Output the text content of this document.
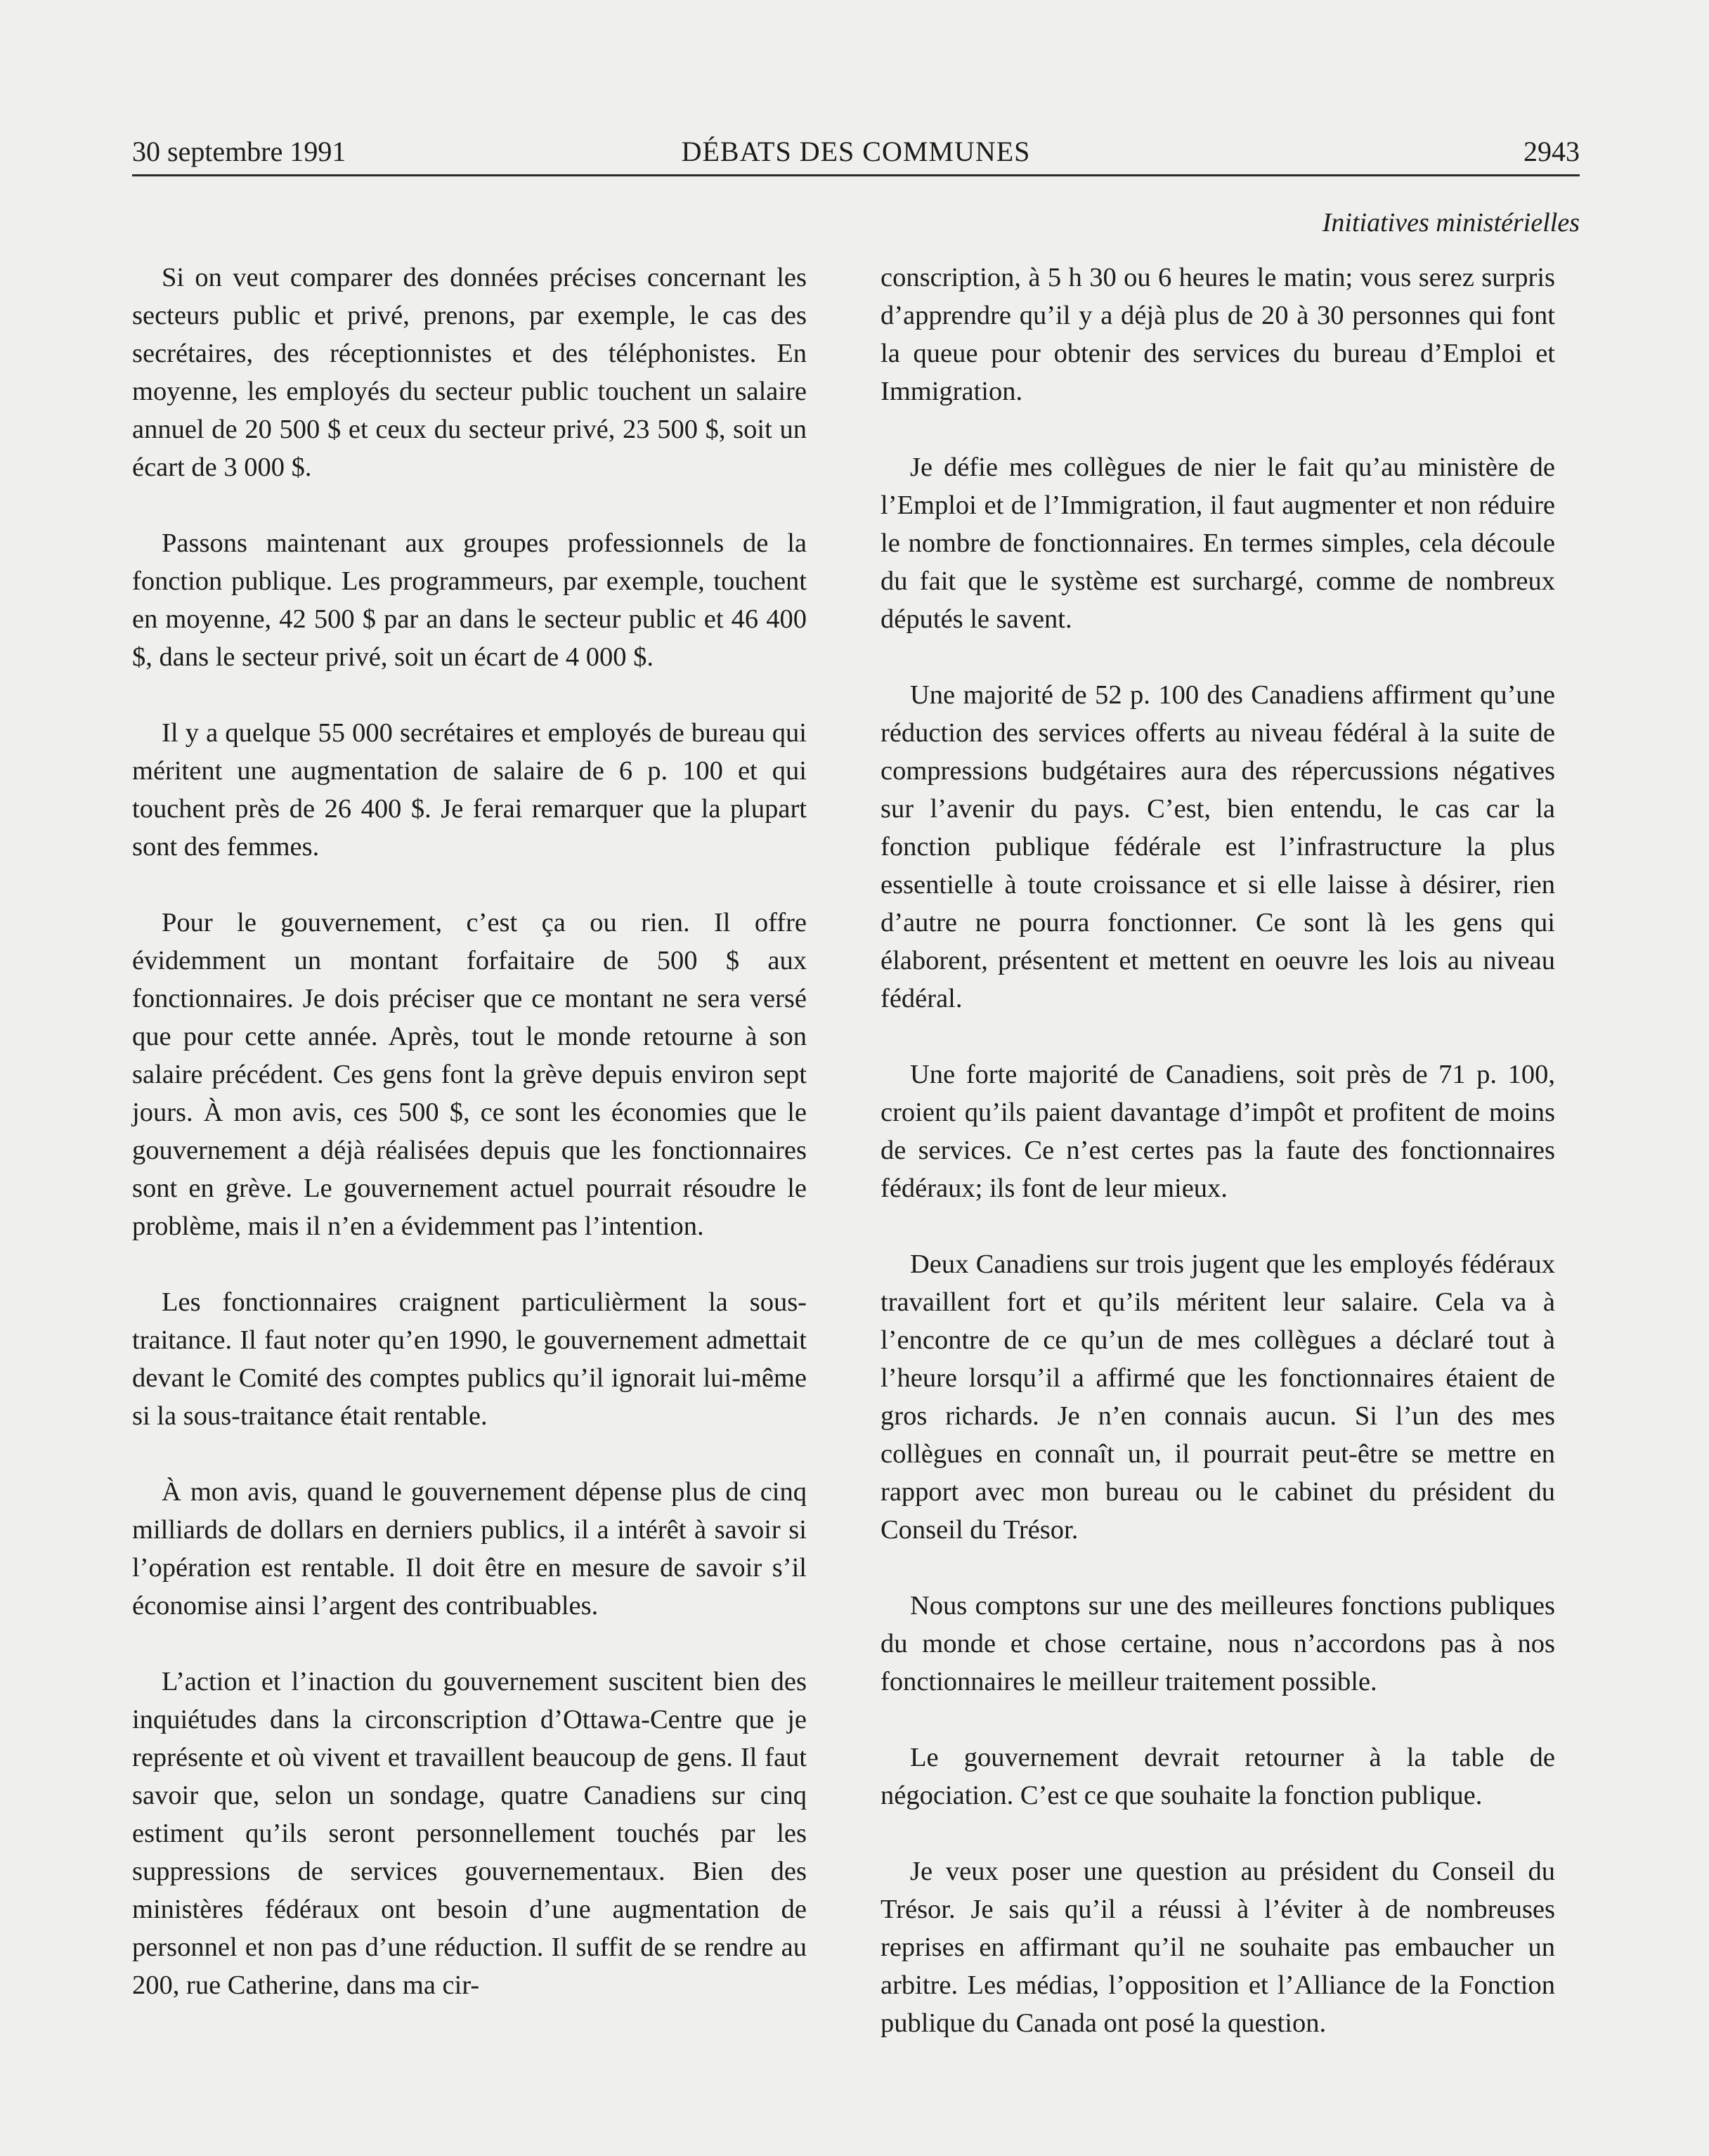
30 septembre 1991	DÉBATS DES COMMUNES	2943
Initiatives ministérielles

Si on veut comparer des données précises concernant les secteurs public et privé, prenons, par exemple, le cas des secrétaires, des réceptionnistes et des téléphonistes. En moyenne, les employés du secteur public touchent un salaire annuel de 20 500 $ et ceux du secteur privé, 23 500 $, soit un écart de 3 000 $.

Passons maintenant aux groupes professionnels de la fonction publique. Les programmeurs, par exemple, touchent en moyenne, 42 500 $ par an dans le secteur public et 46 400 $, dans le secteur privé, soit un écart de 4 000 $.

Il y a quelque 55 000 secrétaires et employés de bureau qui méritent une augmentation de salaire de 6 p. 100 et qui touchent près de 26 400 $. Je ferai remarquer que la plupart sont des femmes.

Pour le gouvernement, c’est ça ou rien. Il offre évidemment un montant forfaitaire de 500 $ aux fonctionnaires. Je dois préciser que ce montant ne sera versé que pour cette année. Après, tout le monde retourne à son salaire précédent. Ces gens font la grève depuis environ sept jours. À mon avis, ces 500 $, ce sont les économies que le gouvernement a déjà réalisées depuis que les fonctionnaires sont en grève. Le gouvernement actuel pourrait résoudre le problème, mais il n’en a évidemment pas l’intention.

Les fonctionnaires craignent particulièrment la sous-traitance. Il faut noter qu’en 1990, le gouvernement admettait devant le Comité des comptes publics qu’il ignorait lui-même si la sous-traitance était rentable.

À mon avis, quand le gouvernement dépense plus de cinq milliards de dollars en derniers publics, il a intérêt à savoir si l’opération est rentable. Il doit être en mesure de savoir s’il économise ainsi l’argent des contribuables.

L’action et l’inaction du gouvernement suscitent bien des inquiétudes dans la circonscription d’Ottawa-Centre que je représente et où vivent et travaillent beaucoup de gens. Il faut savoir que, selon un sondage, quatre Canadiens sur cinq estiment qu’ils seront personnellement touchés par les suppressions de services gouvernementaux. Bien des ministères fédéraux ont besoin d’une augmentation de personnel et non pas d’une réduction. Il suffit de se rendre au 200, rue Catherine, dans ma cir-

conscription, à 5 h 30 ou 6 heures le matin; vous serez surpris d’apprendre qu’il y a déjà plus de 20 à 30 personnes qui font la queue pour obtenir des services du bureau d’Emploi et Immigration.

Je défie mes collègues de nier le fait qu’au ministère de l’Emploi et de l’Immigration, il faut augmenter et non réduire le nombre de fonctionnaires. En termes simples, cela découle du fait que le système est surchargé, comme de nombreux députés le savent.

Une majorité de 52 p. 100 des Canadiens affirment qu’une réduction des services offerts au niveau fédéral à la suite de compressions budgétaires aura des répercussions négatives sur l’avenir du pays. C’est, bien entendu, le cas car la fonction publique fédérale est l’infrastructure la plus essentielle à toute croissance et si elle laisse à désirer, rien d’autre ne pourra fonctionner. Ce sont là les gens qui élaborent, présentent et mettent en oeuvre les lois au niveau fédéral.

Une forte majorité de Canadiens, soit près de 71 p. 100, croient qu’ils paient davantage d’impôt et profitent de moins de services. Ce n’est certes pas la faute des fonctionnaires fédéraux; ils font de leur mieux.

Deux Canadiens sur trois jugent que les employés fédéraux travaillent fort et qu’ils méritent leur salaire. Cela va à l’encontre de ce qu’un de mes collègues a déclaré tout à l’heure lorsqu’il a affirmé que les fonctionnaires étaient de gros richards. Je n’en connais aucun. Si l’un des mes collègues en connaît un, il pourrait peut-être se mettre en rapport avec mon bureau ou le cabinet du président du Conseil du Trésor.

Nous comptons sur une des meilleures fonctions publiques du monde et chose certaine, nous n’accordons pas à nos fonctionnaires le meilleur traitement possible.

Le gouvernement devrait retourner à la table de négociation. C’est ce que souhaite la fonction publique.

Je veux poser une question au président du Conseil du Trésor. Je sais qu’il a réussi à l’éviter à de nombreuses reprises en affirmant qu’il ne souhaite pas embaucher un arbitre. Les médias, l’opposition et l’Alliance de la Fonction publique du Canada ont posé la question.
